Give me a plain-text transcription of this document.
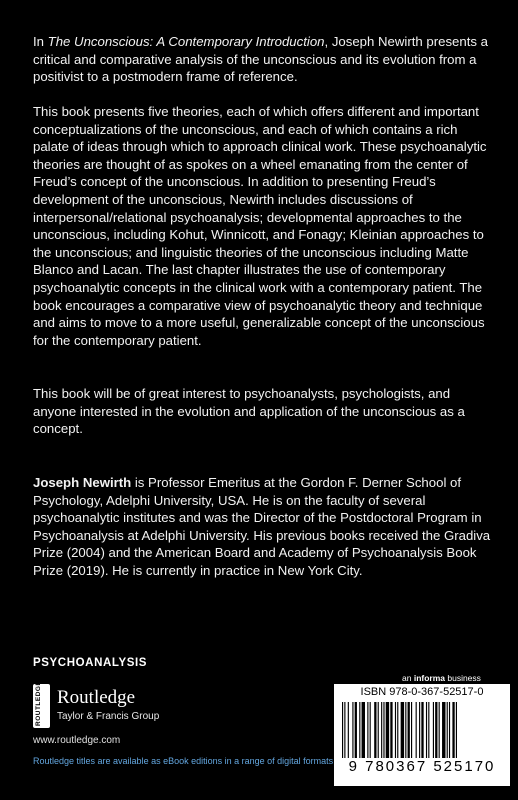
In The Unconscious: A Contemporary Introduction, Joseph Newirth presents a critical and comparative analysis of the unconscious and its evolution from a positivist to a postmodern frame of reference.
This book presents five theories, each of which offers different and important conceptualizations of the unconscious, and each of which contains a rich palate of ideas through which to approach clinical work. These psychoanalytic theories are thought of as spokes on a wheel emanating from the center of Freud’s concept of the unconscious. In addition to presenting Freud’s development of the unconscious, Newirth includes discussions of interpersonal/relational psychoanalysis; developmental approaches to the unconscious, including Kohut, Winnicott, and Fonagy; Kleinian approaches to the unconscious; and linguistic theories of the unconscious including Matte Blanco and Lacan. The last chapter illustrates the use of contemporary psychoanalytic concepts in the clinical work with a contemporary patient. The book encourages a comparative view of psychoanalytic theory and technique and aims to move to a more useful, generalizable concept of the unconscious for the contemporary patient.
This book will be of great interest to psychoanalysts, psychologists, and anyone interested in the evolution and application of the unconscious as a concept.
Joseph Newirth is Professor Emeritus at the Gordon F. Derner School of Psychology, Adelphi University, USA. He is on the faculty of several psychoanalytic institutes and was the Director of the Postdoctoral Program in Psychoanalysis at Adelphi University. His previous books received the Gradiva Prize (2004) and the American Board and Academy of Psychoanalysis Book Prize (2019). He is currently in practice in New York City.
PSYCHOANALYSIS
an informa business
ROUTLEDGE Routledge
Taylor & Francis Group
www.routledge.com
Routledge titles are available as eBook editions in a range of digital formats
ISBN 978-0-367-52517-0
9 780367 525170
